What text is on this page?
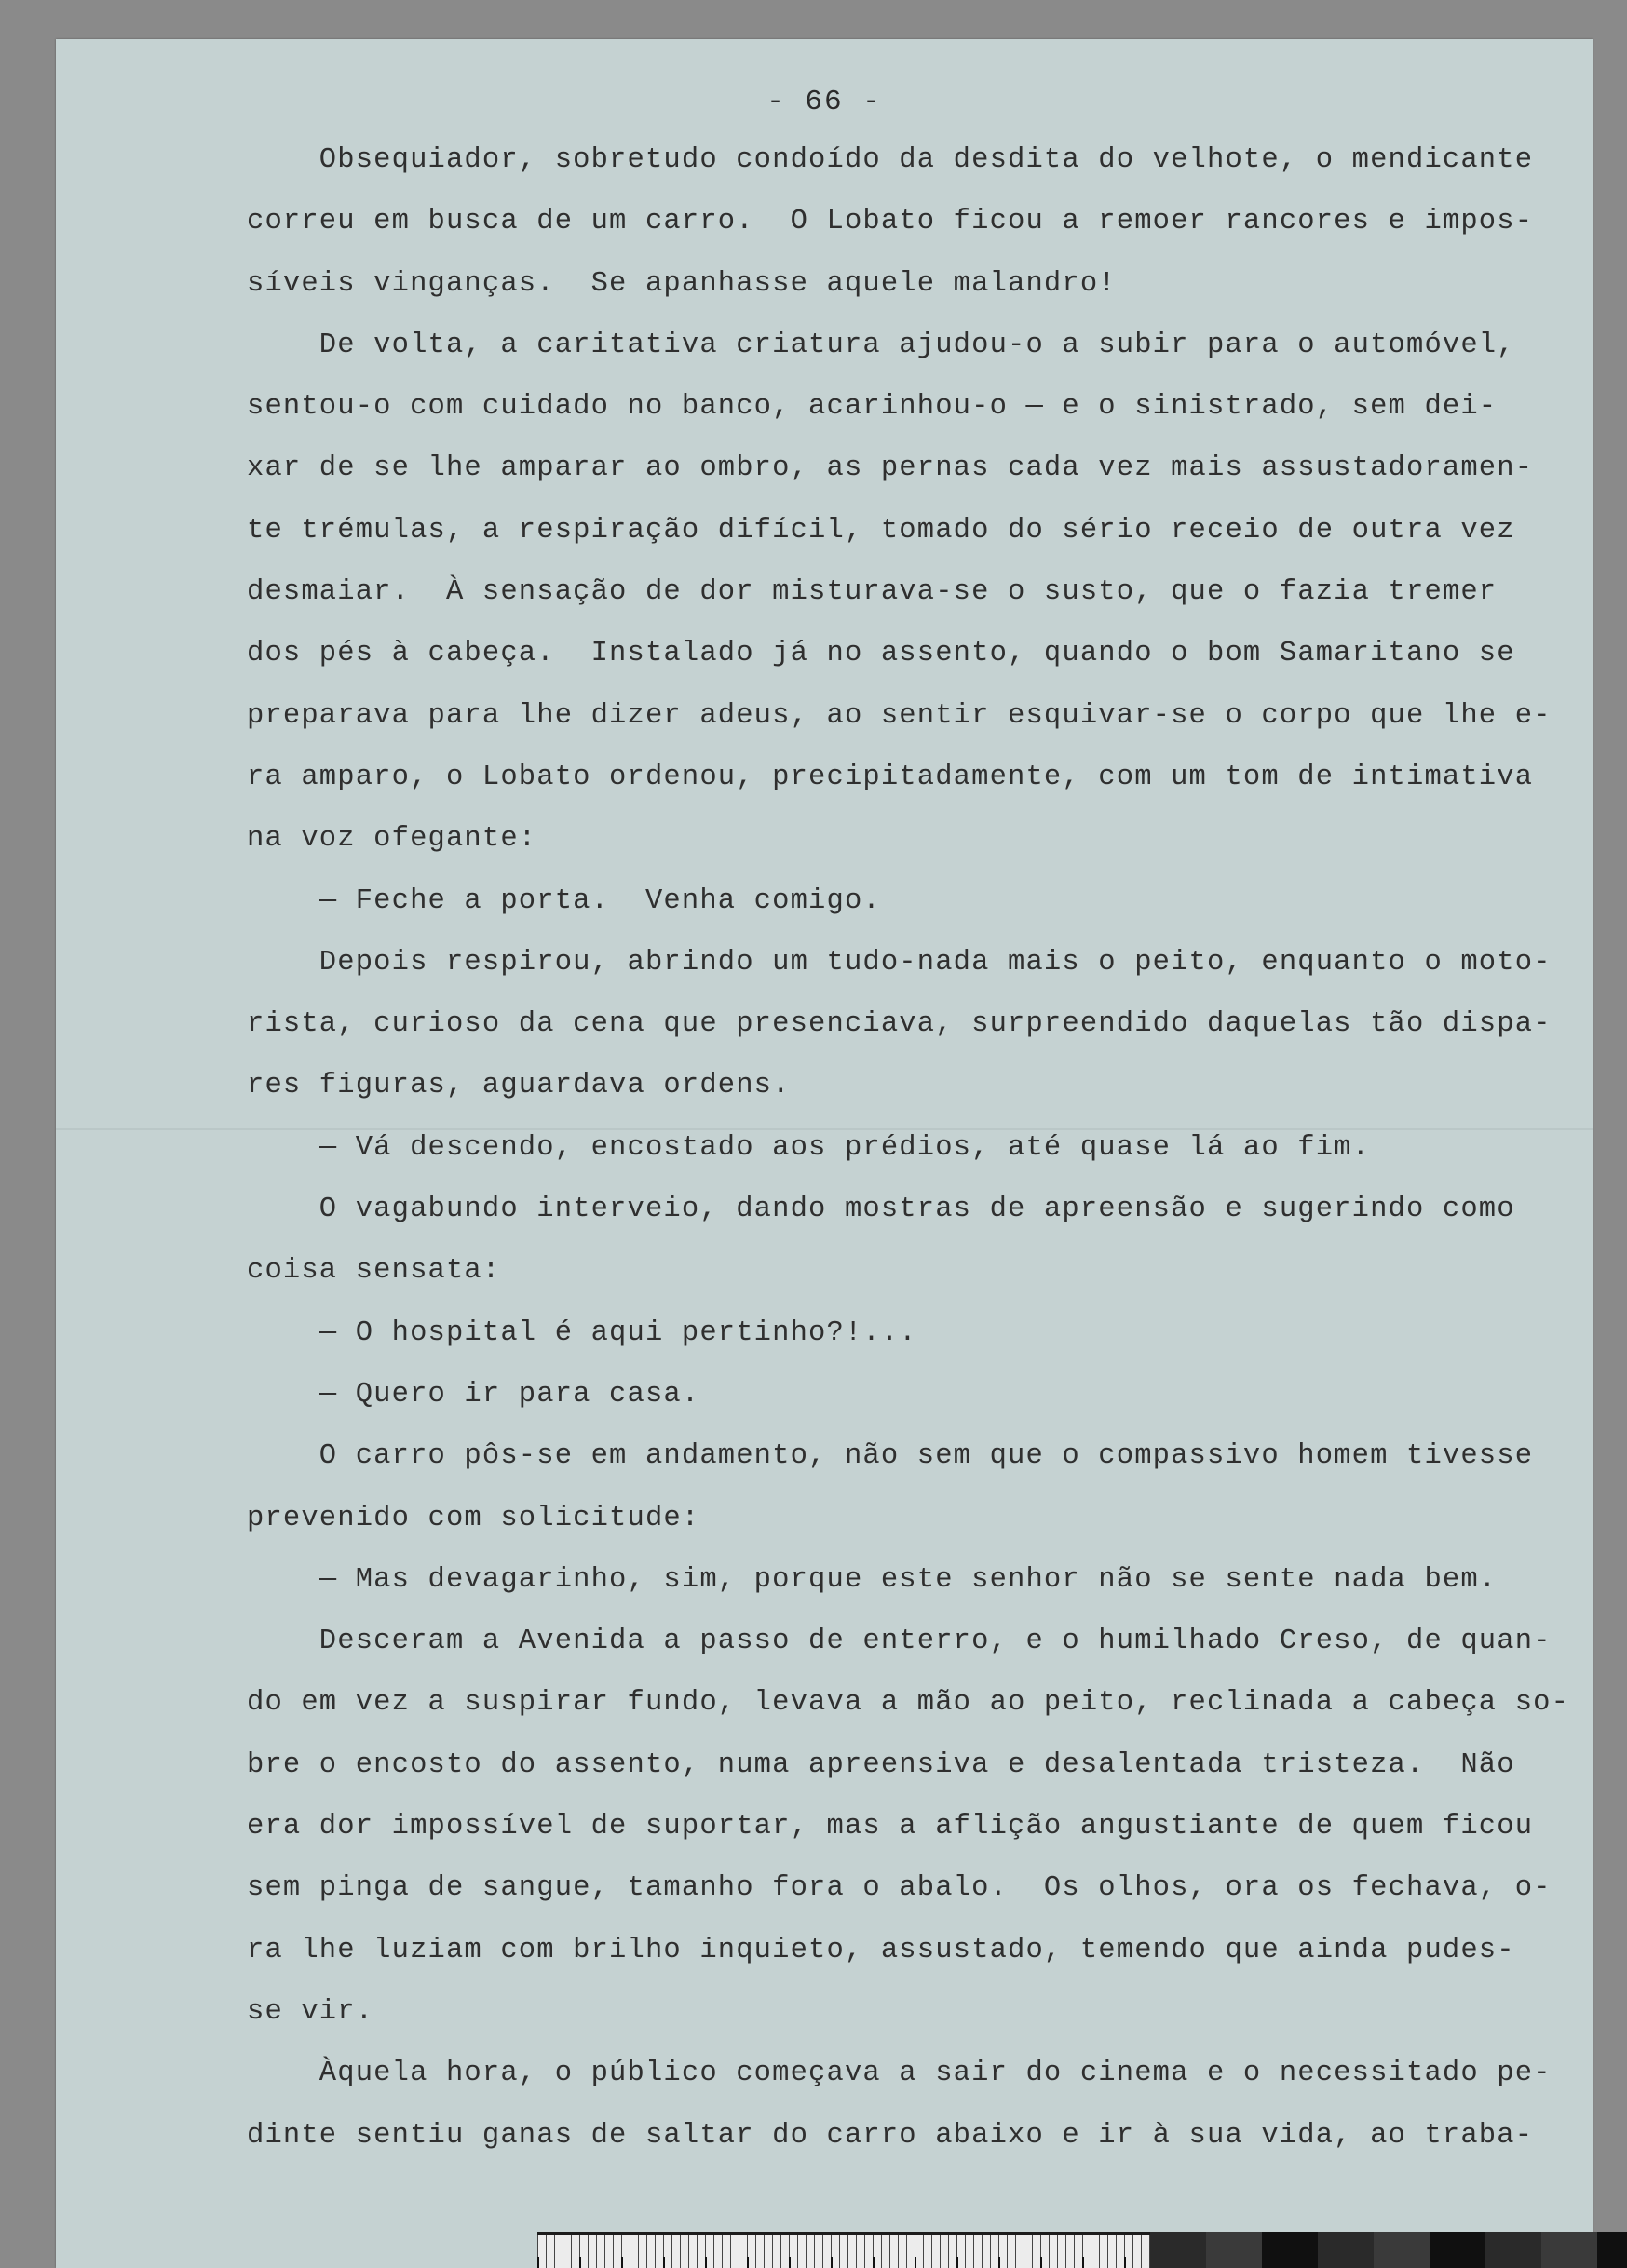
- 66 -

Obsequiador, sobretudo condoído da desdita do velhote, o mendicante

correu em busca de um carro.  O Lobato ficou a remoer rancores e impos-

síveis vinganças.  Se apanhasse aquele malandro!

De volta, a caritativa criatura ajudou-o a subir para o automóvel,

sentou-o com cuidado no banco, acarinhou-o — e o sinistrado, sem dei-

xar de se lhe amparar ao ombro, as pernas cada vez mais assustadoramen-

te trémulas, a respiração difícil, tomado do sério receio de outra vez

desmaiar.  À sensação de dor misturava-se o susto, que o fazia tremer

dos pés à cabeça.  Instalado já no assento, quando o bom Samaritano se

preparava para lhe dizer adeus, ao sentir esquivar-se o corpo que lhe e-

ra amparo, o Lobato ordenou, precipitadamente, com um tom de intimativa

na voz ofegante:

— Feche a porta.  Venha comigo.

Depois respirou, abrindo um tudo-nada mais o peito, enquanto o moto-

rista, curioso da cena que presenciava, surpreendido daquelas tão dispa-

res figuras, aguardava ordens.

— Vá descendo, encostado aos prédios, até quase lá ao fim.

O vagabundo interveio, dando mostras de apreensão e sugerindo como

coisa sensata:

— O hospital é aqui pertinho?!...

— Quero ir para casa.

O carro pôs-se em andamento, não sem que o compassivo homem tivesse

prevenido com solicitude:

— Mas devagarinho, sim, porque este senhor não se sente nada bem.

Desceram a Avenida a passo de enterro, e o humilhado Creso, de quan-

do em vez a suspirar fundo, levava a mão ao peito, reclinada a cabeça so-

bre o encosto do assento, numa apreensiva e desalentada tristeza.  Não

era dor impossível de suportar, mas a aflição angustiante de quem ficou

sem pinga de sangue, tamanho fora o abalo.  Os olhos, ora os fechava, o-

ra lhe luziam com brilho inquieto, assustado, temendo que ainda pudes-

se vir.

Àquela hora, o público começava a sair do cinema e o necessitado pe-

dinte sentiu ganas de saltar do carro abaixo e ir à sua vida, ao traba-
